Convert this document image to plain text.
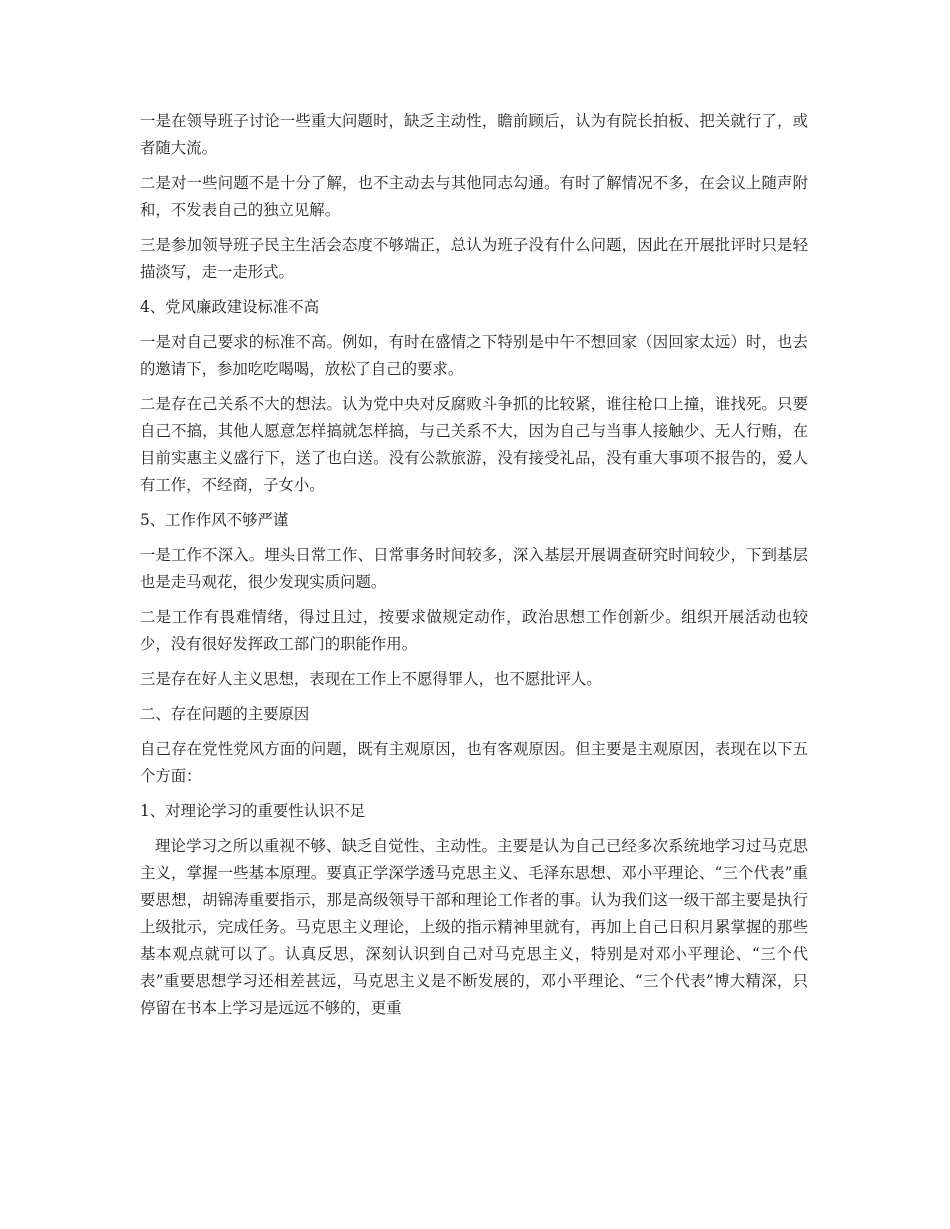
一是在领导班子讨论一些重大问题时，缺乏主动性，瞻前顾后，认为有院长拍板、把关就行了，或者随大流。

二是对一些问题不是十分了解，也不主动去与其他同志勾通。有时了解情况不多，在会议上随声附和，不发表自己的独立见解。

三是参加领导班子民主生活会态度不够端正，总认为班子没有什么问题，因此在开展批评时只是轻描淡写，走一走形式。

4、党风廉政建设标准不高

一是对自己要求的标准不高。例如，有时在盛情之下特别是中午不想回家（因回家太远）时，也去的邀请下，参加吃吃喝喝，放松了自己的要求。

二是存在己关系不大的想法。认为党中央对反腐败斗争抓的比较紧，谁往枪口上撞，谁找死。只要自己不搞，其他人愿意怎样搞就怎样搞，与己关系不大，因为自己与当事人接触少、无人行贿，在目前实惠主义盛行下，送了也白送。没有公款旅游，没有接受礼品，没有重大事项不报告的，爱人有工作，不经商，子女小。

5、工作作风不够严谨

一是工作不深入。埋头日常工作、日常事务时间较多，深入基层开展调查研究时间较少，下到基层也是走马观花，很少发现实质问题。

二是工作有畏难情绪，得过且过，按要求做规定动作，政治思想工作创新少。组织开展活动也较少，没有很好发挥政工部门的职能作用。

三是存在好人主义思想，表现在工作上不愿得罪人，也不愿批评人。

二、存在问题的主要原因

自己存在党性党风方面的问题，既有主观原因，也有客观原因。但主要是主观原因，表现在以下五个方面：

1、对理论学习的重要性认识不足

理论学习之所以重视不够、缺乏自觉性、主动性。主要是认为自己已经多次系统地学习过马克思主义，掌握一些基本原理。要真正学深学透马克思主义、毛泽东思想、邓小平理论、“三个代表”重要思想，胡锦涛重要指示，那是高级领导干部和理论工作者的事。认为我们这一级干部主要是执行上级批示，完成任务。马克思主义理论，上级的指示精神里就有，再加上自己日积月累掌握的那些基本观点就可以了。认真反思，深刻认识到自己对马克思主义，特别是对邓小平理论、“三个代表”重要思想学习还相差甚远，马克思主义是不断发展的，邓小平理论、“三个代表”博大精深，只停留在书本上学习是远远不够的，更重
